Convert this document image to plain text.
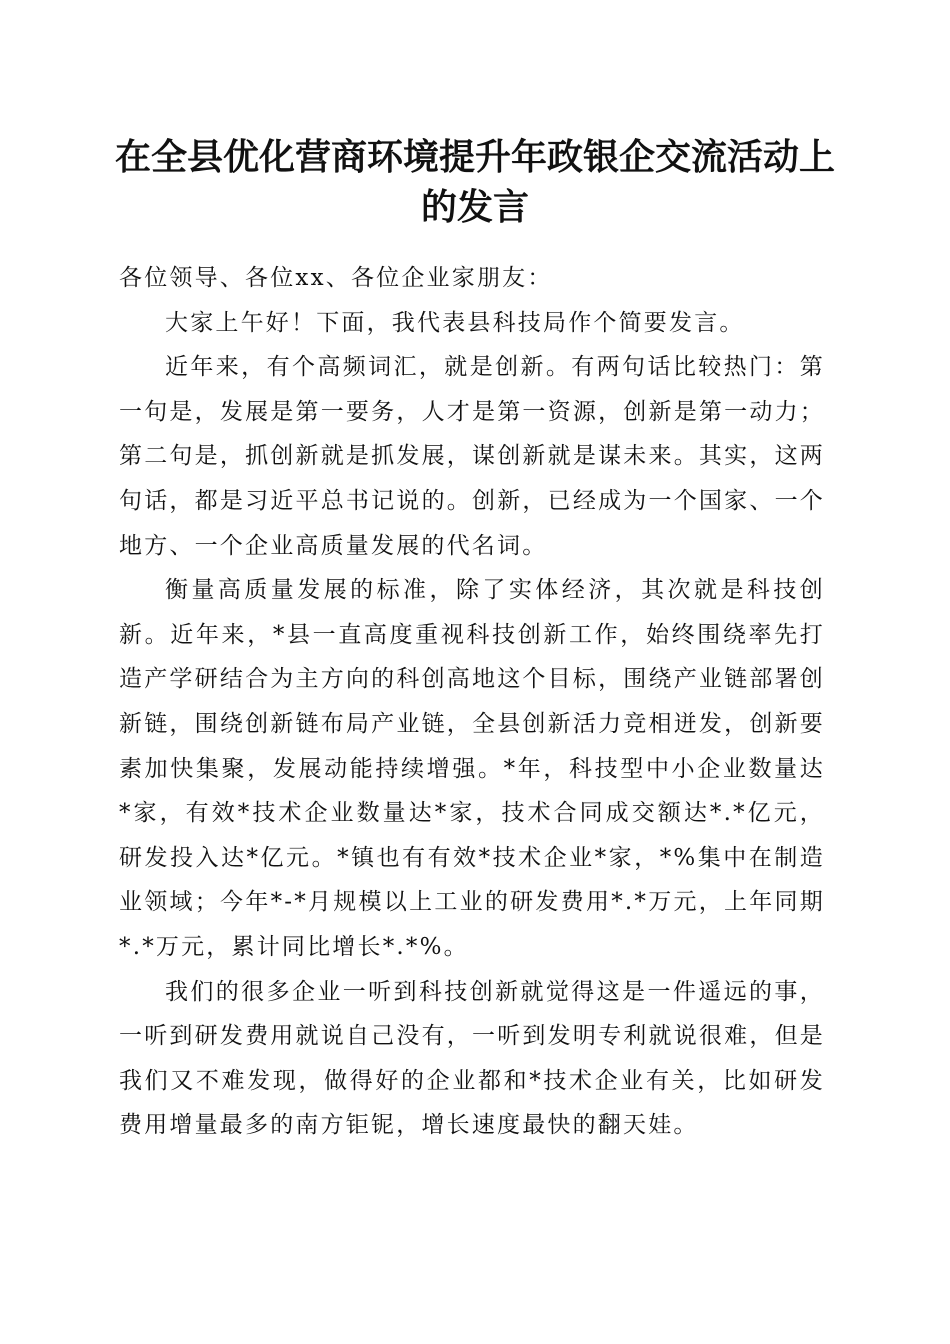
在全县优化营商环境提升年政银企交流活动上的发言

各位领导、各位xx、各位企业家朋友：

大家上午好！下面，我代表县科技局作个简要发言。

近年来，有个高频词汇，就是创新。有两句话比较热门：第一句是，发展是第一要务，人才是第一资源，创新是第一动力；第二句是，抓创新就是抓发展，谋创新就是谋未来。其实，这两句话，都是习近平总书记说的。创新，已经成为一个国家、一个地方、一个企业高质量发展的代名词。

衡量高质量发展的标准，除了实体经济，其次就是科技创新。近年来，*县一直高度重视科技创新工作，始终围绕率先打造产学研结合为主方向的科创高地这个目标，围绕产业链部署创新链，围绕创新链布局产业链，全县创新活力竞相迸发，创新要素加快集聚，发展动能持续增强。*年，科技型中小企业数量达*家，有效*技术企业数量达*家，技术合同成交额达*.*亿元，研发投入达*亿元。*镇也有有效*技术企业*家，*%集中在制造业领域；今年*-*月规模以上工业的研发费用*.*万元，上年同期*.*万元，累计同比增长*.*%。

我们的很多企业一听到科技创新就觉得这是一件遥远的事，一听到研发费用就说自己没有，一听到发明专利就说很难，但是我们又不难发现，做得好的企业都和*技术企业有关，比如研发费用增量最多的南方钜铌，增长速度最快的翻天娃。
